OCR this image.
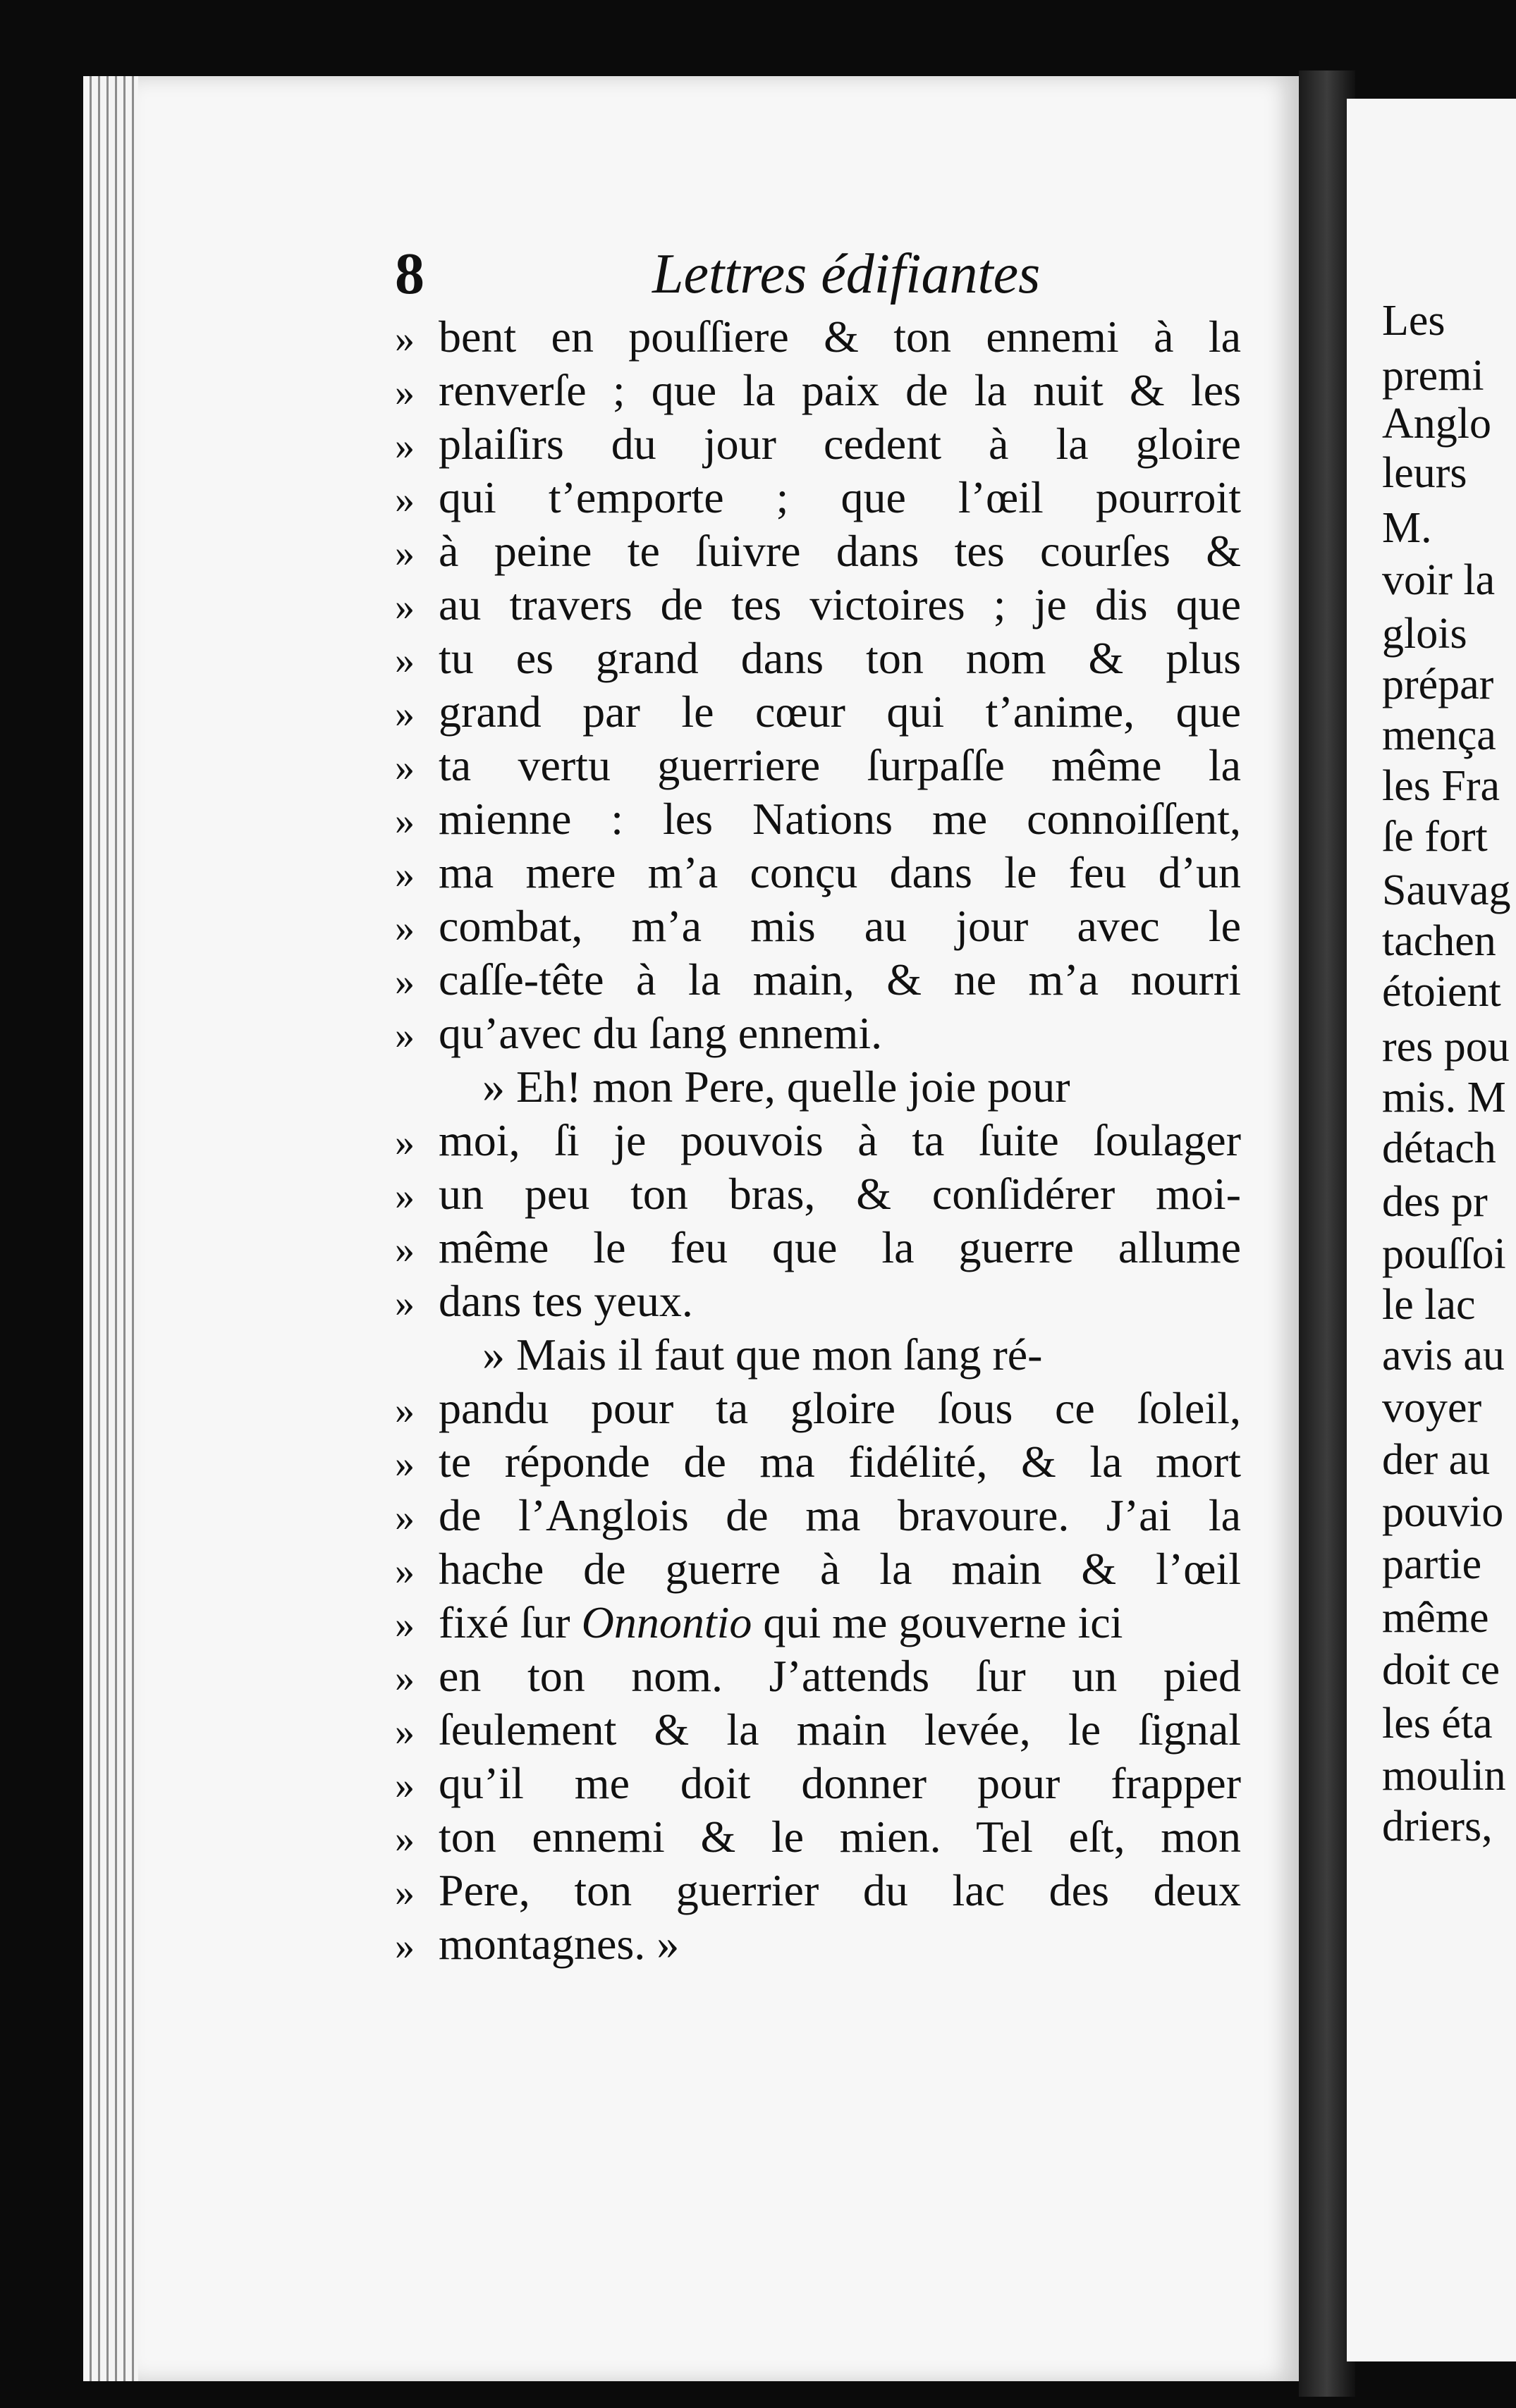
Les
premi
Anglo
leurs
M.
voir la
glois
prépar
mença
les Fra
ſe fort
Sauvag
tachen
étoient
res pou
mis. M
détach
des pr
pouſſoi
le lac
avis au
voyer
der au
pouvio
partie
même
doit ce
les éta
moulin
driers,
8	Lettres édifiantes
» bent en pouſſiere & ton ennemi à la
» renverſe ; que la paix de la nuit & les
» plaiſirs du jour cedent à la gloire
» qui t’emporte ; que l’œil pourroit
» à peine te ſuivre dans tes courſes &
» au travers de tes victoires ; je dis que
» tu es grand dans ton nom & plus
» grand par le cœur qui t’anime, que
» ta vertu guerriere ſurpaſſe même la
» mienne : les Nations me connoiſſent,
» ma mere m’a conçu dans le feu d’un
» combat, m’a mis au jour avec le
» caſſe-tête à la main, & ne m’a nourri
» qu’avec du ſang ennemi.
» Eh! mon Pere, quelle joie pour
» moi, ſi je pouvois à ta ſuite ſoulager
» un peu ton bras, & conſidérer moi-
» même le feu que la guerre allume
» dans tes yeux.
» Mais il faut que mon ſang ré-
» pandu pour ta gloire ſous ce ſoleil,
» te réponde de ma fidélité, & la mort
» de l’Anglois de ma bravoure. J’ai la
» hache de guerre à la main & l’œil
» fixé ſur Onnontio qui me gouverne ici
» en ton nom. J’attends ſur un pied
» ſeulement & la main levée, le ſignal
» qu’il me doit donner pour frapper
» ton ennemi & le mien. Tel eſt, mon
» Pere, ton guerrier du lac des deux
» montagnes. »
